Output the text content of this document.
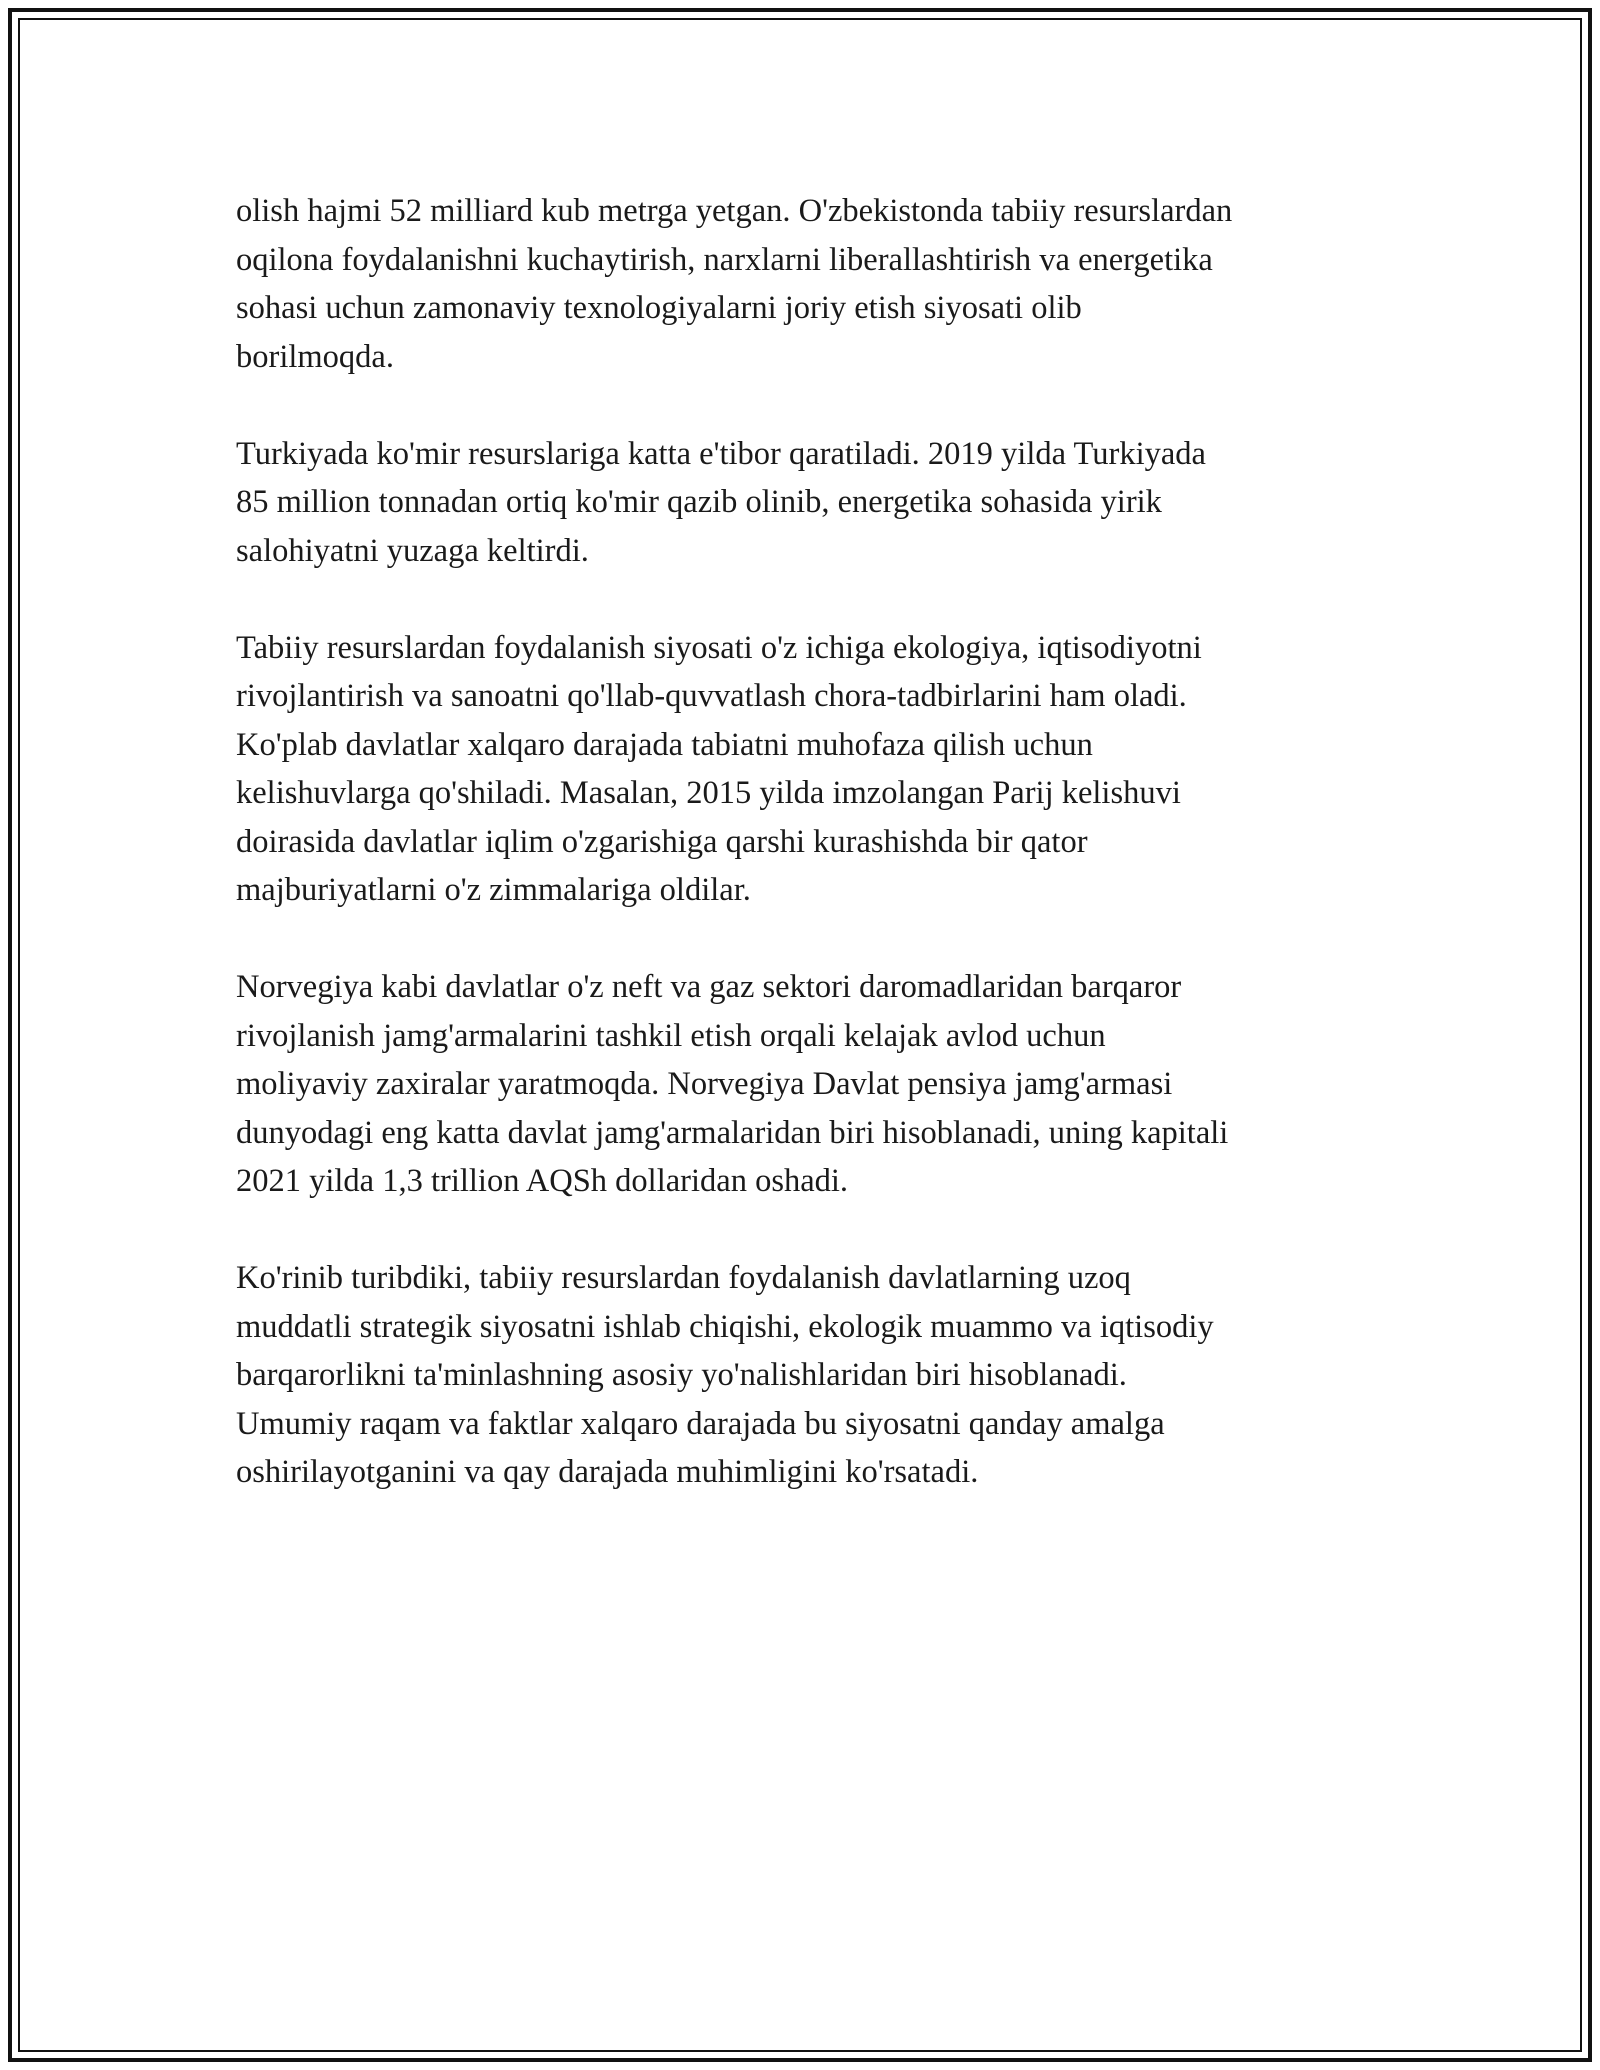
olish hajmi 52 milliard kub metrga yetgan. O'zbekistonda tabiiy resurslardan
oqilona foydalanishni kuchaytirish, narxlarni liberallashtirish va energetika
sohasi uchun zamonaviy texnologiyalarni joriy etish siyosati olib
borilmoqda.

Turkiyada ko'mir resurslariga katta e'tibor qaratiladi. 2019 yilda Turkiyada
85 million tonnadan ortiq ko'mir qazib olinib, energetika sohasida yirik
salohiyatni yuzaga keltirdi.

Tabiiy resurslardan foydalanish siyosati o'z ichiga ekologiya, iqtisodiyotni
rivojlantirish va sanoatni qo'llab-quvvatlash chora-tadbirlarini ham oladi.
Ko'plab davlatlar xalqaro darajada tabiatni muhofaza qilish uchun
kelishuvlarga qo'shiladi. Masalan, 2015 yilda imzolangan Parij kelishuvi
doirasida davlatlar iqlim o'zgarishiga qarshi kurashishda bir qator
majburiyatlarni o'z zimmalariga oldilar.

Norvegiya kabi davlatlar o'z neft va gaz sektori daromadlaridan barqaror
rivojlanish jamg'armalarini tashkil etish orqali kelajak avlod uchun
moliyaviy zaxiralar yaratmoqda. Norvegiya Davlat pensiya jamg'armasi
dunyodagi eng katta davlat jamg'armalaridan biri hisoblanadi, uning kapitali
2021 yilda 1,3 trillion AQSh dollaridan oshadi.

Ko'rinib turibdiki, tabiiy resurslardan foydalanish davlatlarning uzoq
muddatli strategik siyosatni ishlab chiqishi, ekologik muammo va iqtisodiy
barqarorlikni ta'minlashning asosiy yo'nalishlaridan biri hisoblanadi.
Umumiy raqam va faktlar xalqaro darajada bu siyosatni qanday amalga
oshirilayotganini va qay darajada muhimligini ko'rsatadi.
